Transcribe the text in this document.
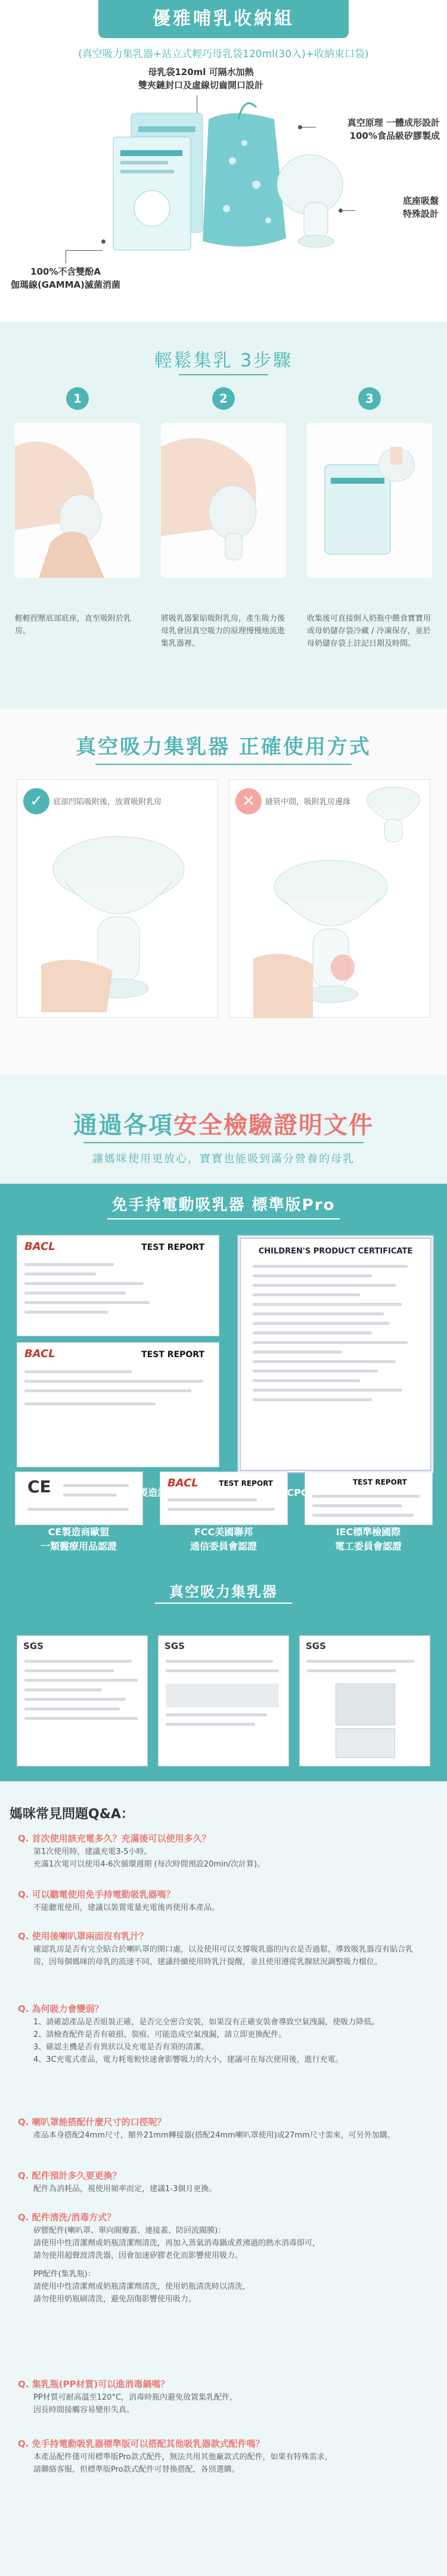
優雅哺乳收納組
(真空吸力集乳器+站立式輕巧母乳袋120ml(30入)+收納束口袋)
母乳袋120ml 可隔水加熱
雙夾鏈封口及虛線切齒開口設計
真空原理 一體成形設計
100%食品級矽膠製成
底座吸盤
特殊設計
100%不含雙酚A
伽瑪線(GAMMA)滅菌消菌
輕鬆集乳 3步驟
1	2	3
輕輕捏壓底部底座，直至吸附於乳房。
將吸乳器緊貼吸附乳房，產生吸力後母乳會因真空吸力的原理慢慢地流進集乳器裡。
收集後可直接倒入奶瓶中餵食寶寶用或母奶儲存袋冷藏 / 冷凍保存，並於母奶儲存袋上註記日期及時間。
真空吸力集乳器 正確使用方式
✓	底部凹陷吸附後，放置吸附乳房	✕	縫管中間，吸附乳房邊緣
通過各項安全檢驗證明文件
讓媽咪使用更放心，寶寶也能吸到滿分營養的母乳
免手持電動吸乳器 標準版Pro
BACL	TEST REPORT
BACL	TEST REPORT
CHILDREN'S PRODUCT CERTIFICATE
CE	BACL	TEST REPORT	TEST REPORT
CE製造商歐盟
一類醫療用品認證
FCC美國聯邦
通信委員會認證
IEC標準檢國際
電工委員會認證
真空吸力集乳器
SGS	SGS	SGS
媽咪常見問題Q&A：
Q. 首次使用該充電多久？充滿後可以使用多久？

第1次使用時，建議充電3-5小時。

充滿1次電可以使用4-6次循環週期 (每次時間預設20min/次計算)。

Q. 可以聽電使用免手持電動吸乳器嗎？

不能聽電使用，建議以裝置電量充電後再使用本產品。

Q. 使用後喇叭罩兩面沒有乳汁？

確認乳房是否有完全貼合於喇叭罩的開口處，以及使用可以支撐吸乳器的內衣是否過鬆，導致吸乳器沒有貼合乳房，因每個媽咪的母乳的流速不同，建議持續使用時乳汁提醒，並且使用遵從乳腺狀況調整吸力檔位。

Q. 為何吸力會變弱？

1、請確認產品是否組裝正確，是否完全密合安裝，如果沒有正確安裝會導致空氣洩漏，使吸力降低。

2、請檢查配件是否有破損、裂痕、可能造成空氣洩漏，請立即更換配件。

3、確認主機是否有異狀以及充電是否有須的清潔。

4、3C充電式產品，電力耗電較快速會影響吸力的大小，建議可在每次使用後，進行充電。

Q. 喇叭罩能搭配什麼尺寸的口徑呢？

產品本身搭配24mm尺寸，額外21mm轉接器(搭配24mm喇叭罩使用)或27mm尺寸需來，可另外加購。

Q. 配件預計多久要更換？

配件為消耗品，視使用頻率而定，建議1-3個月更換。

Q. 配件清洗/消毒方式？

矽膠配件(喇叭罩、單向閥瓣蓋、連接蓋、防回流閥膜)：

請使用中性清潔劑或奶瓶清潔劑清洗，再加入蒸氣消毒鍋或煮沸過的熱水消毒即可，

請勿使用超聲波清洗器，因會加速矽膠老化而影響使用吸力。

PP配件(集乳瓶)：

請使用中性清潔劑或奶瓶清潔劑清洗，使用奶瓶清洗時以清洗，

請勿使用奶瓶刷清洗，避免刮傷影響使用吸力。

Q. 集乳瓶(PP材質)可以進消毒鍋嗎？

PP材質可耐高溫至120°C，消毒時瓶內避免放置集乳配件，

因長時間接觸容易變形失真。

Q. 免手持電動吸乳器標準版可以搭配其他吸乳器款式配件嗎？

本產品配件僅可用標準版Pro款式配件，無法共用其他廠款式的配件，如果有特殊需求，

請聯絡客服，但標準版Pro款式配件可替換搭配，各別選購。
